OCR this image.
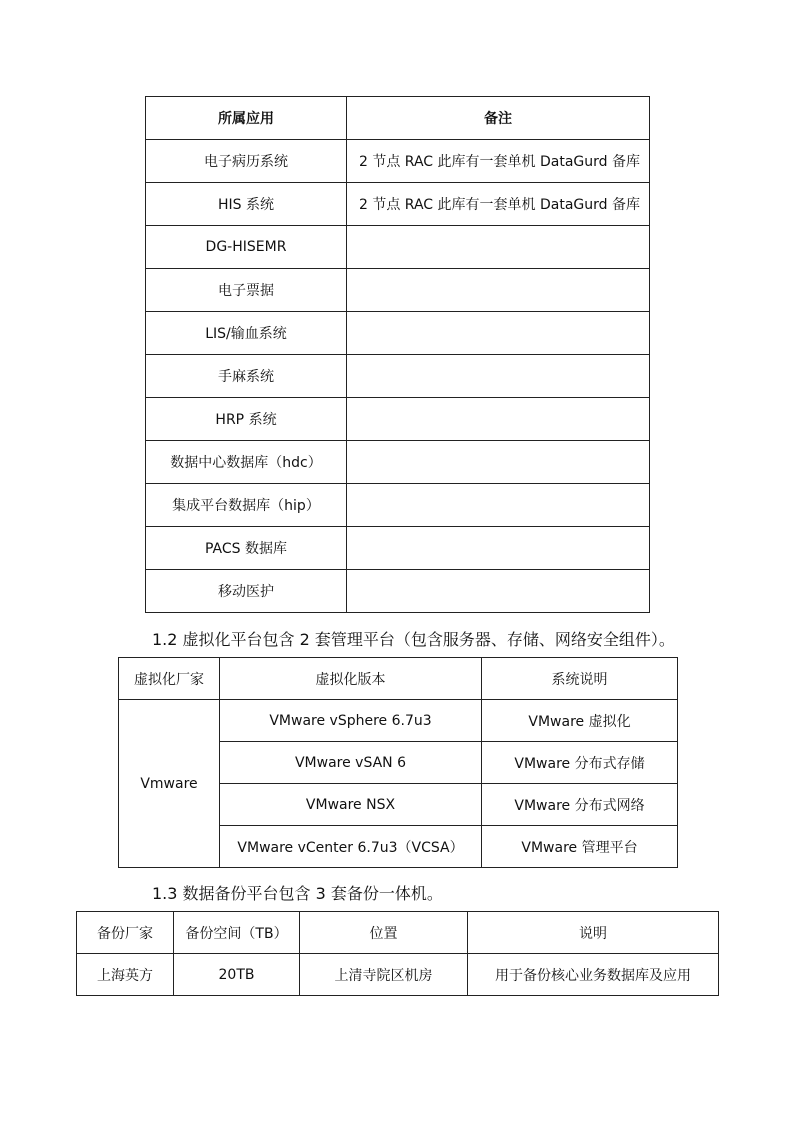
所属应用	备注
电子病历系统	2 节点 RAC 此库有一套单机 DataGurd 备库
HIS 系统	2 节点 RAC 此库有一套单机 DataGurd 备库
DG-HISEMR	
电子票据	
LIS/输血系统	
手麻系统	
HRP 系统	
数据中心数据库（hdc）	
集成平台数据库（hip）	
PACS 数据库	
移动医护	
1.2 虚拟化平台包含 2 套管理平台（包含服务器、存储、网络安全组件）。
虚拟化厂家	虚拟化版本	系统说明
Vmware	VMware vSphere 6.7u3	VMware 虚拟化
	VMware vSAN 6	VMware 分布式存储
	VMware NSX	VMware 分布式网络
	VMware vCenter 6.7u3（VCSA）	VMware 管理平台
1.3 数据备份平台包含 3 套备份一体机。
备份厂家	备份空间（TB）	位置	说明
上海英方	20TB	上清寺院区机房	用于备份核心业务数据库及应用
